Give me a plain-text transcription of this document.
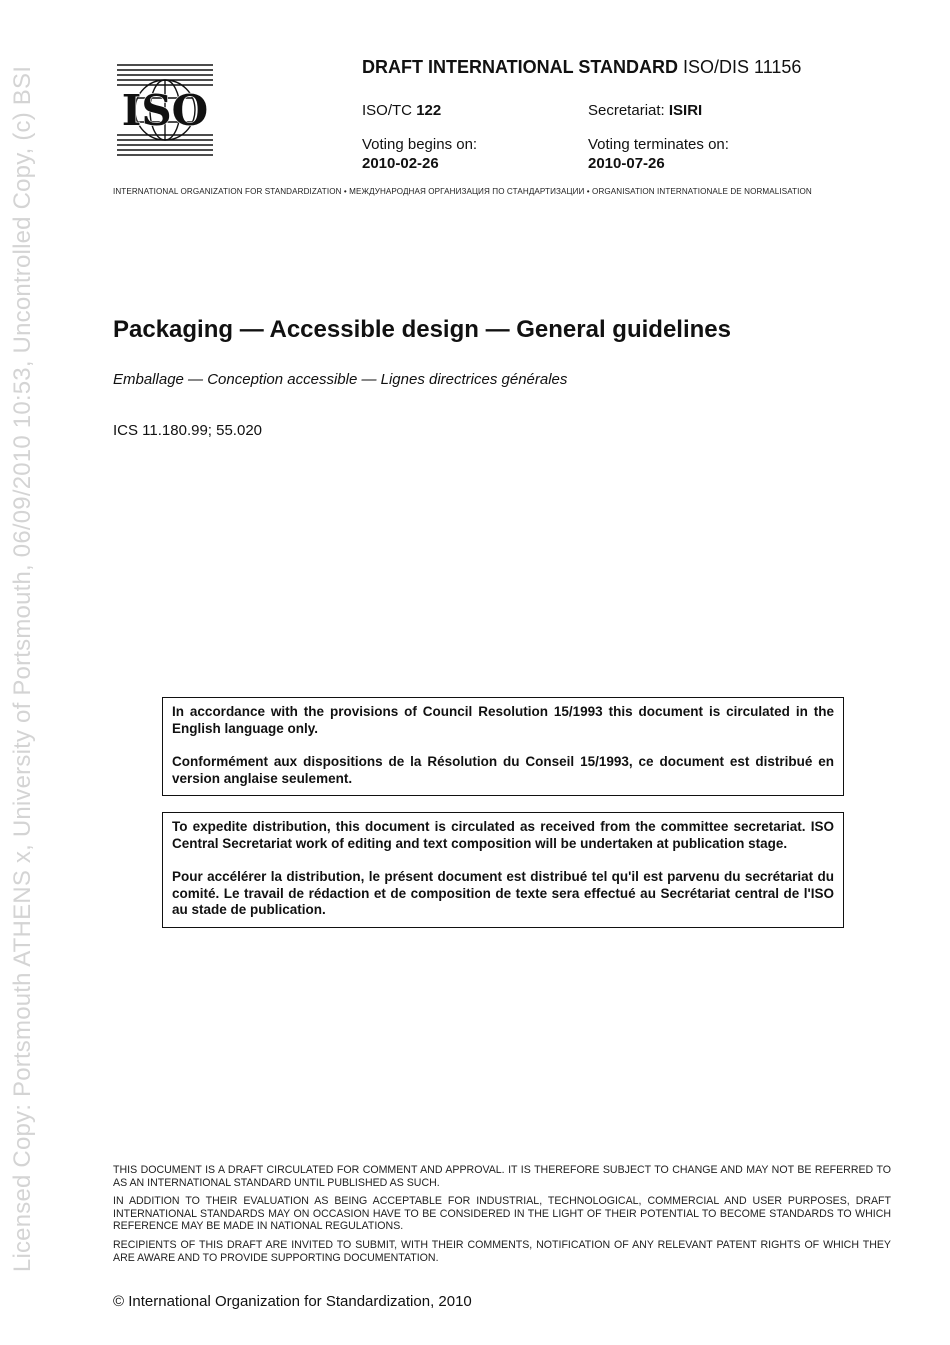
Licensed Copy: Portsmouth ATHENS x, University of Portsmouth, 06/09/2010 10:53, Uncontrolled Copy, (c) BSI ISO
DRAFT INTERNATIONAL STANDARD ISO/DIS 11156
ISO/TC 122	Secretariat: ISIRI
Voting begins on:
2010-02-26
Voting terminates on:
2010-07-26
INTERNATIONAL ORGANIZATION FOR STANDARDIZATION • МЕЖДУНАРОДНАЯ ОРГАНИЗАЦИЯ ПО СТАНДАРТИЗАЦИИ • ORGANISATION INTERNATIONALE DE NORMALISATION
Packaging — Accessible design — General guidelines
Emballage — Conception accessible — Lignes directrices générales
ICS 11.180.99; 55.020

In accordance with the provisions of Council Resolution 15/1993 this document is circulated in the English language only.

Conformément aux dispositions de la Résolution du Conseil 15/1993, ce document est distribué en version anglaise seulement.

To expedite distribution, this document is circulated as received from the committee secretariat. ISO Central Secretariat work of editing and text composition will be undertaken at publication stage.

Pour accélérer la distribution, le présent document est distribué tel qu'il est parvenu du secrétariat du comité. Le travail de rédaction et de composition de texte sera effectué au Secrétariat central de l'ISO au stade de publication.

THIS DOCUMENT IS A DRAFT CIRCULATED FOR COMMENT AND APPROVAL. IT IS THEREFORE SUBJECT TO CHANGE AND MAY NOT BE REFERRED TO AS AN INTERNATIONAL STANDARD UNTIL PUBLISHED AS SUCH.

IN ADDITION TO THEIR EVALUATION AS BEING ACCEPTABLE FOR INDUSTRIAL, TECHNOLOGICAL, COMMERCIAL AND USER PURPOSES, DRAFT INTERNATIONAL STANDARDS MAY ON OCCASION HAVE TO BE CONSIDERED IN THE LIGHT OF THEIR POTENTIAL TO BECOME STANDARDS TO WHICH REFERENCE MAY BE MADE IN NATIONAL REGULATIONS.

RECIPIENTS OF THIS DRAFT ARE INVITED TO SUBMIT, WITH THEIR COMMENTS, NOTIFICATION OF ANY RELEVANT PATENT RIGHTS OF WHICH THEY ARE AWARE AND TO PROVIDE SUPPORTING DOCUMENTATION.

© International Organization for Standardization, 2010
